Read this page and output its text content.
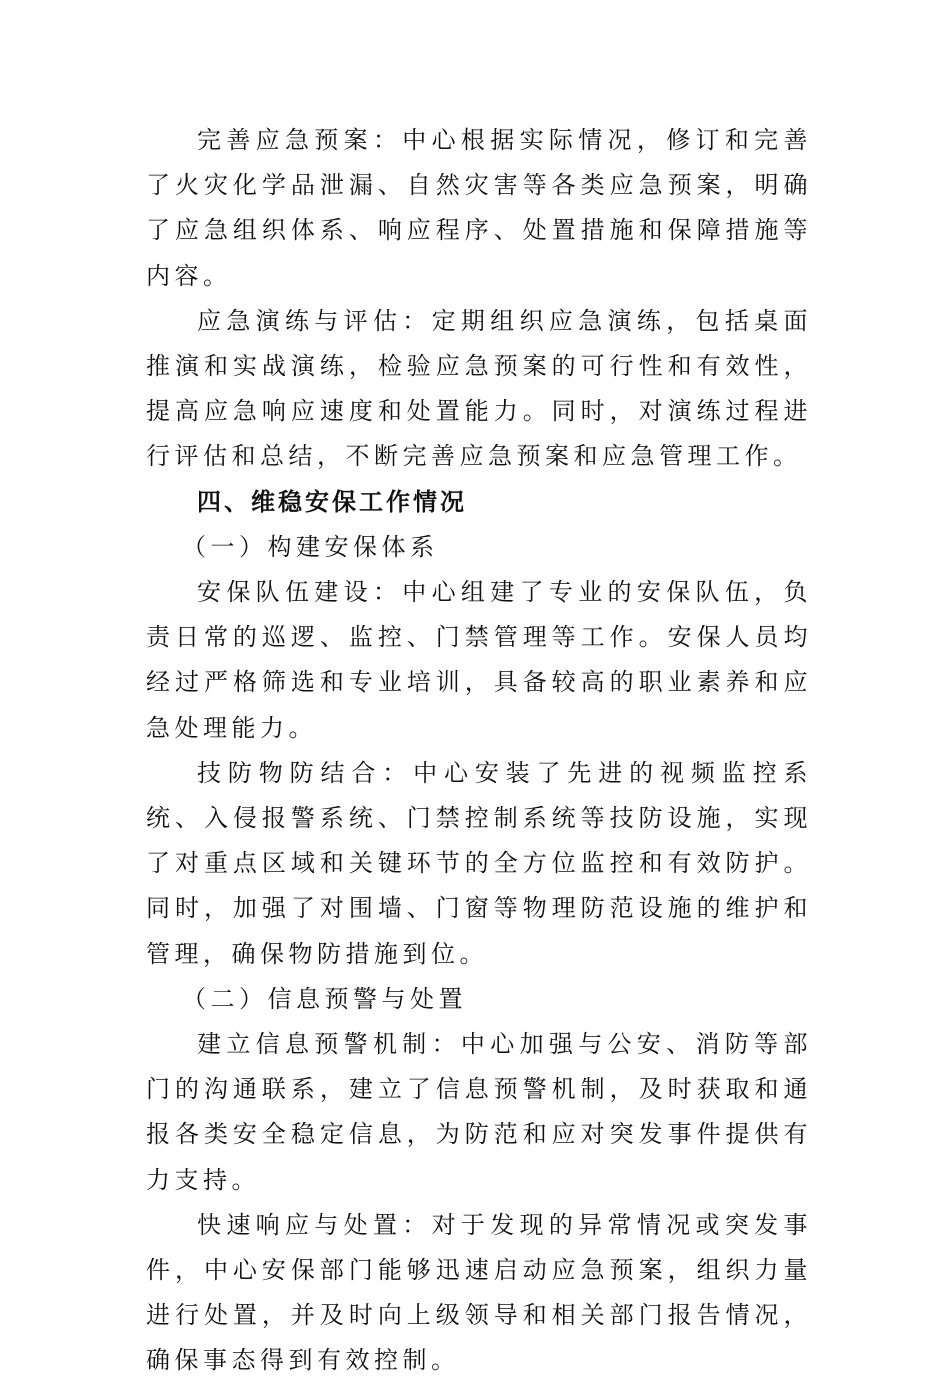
完善应急预案：中心根据实际情况，修订和完善了火灾化学品泄漏、自然灾害等各类应急预案，明确了应急组织体系、响应程序、处置措施和保障措施等内容。

应急演练与评估：定期组织应急演练，包括桌面推演和实战演练，检验应急预案的可行性和有效性，提高应急响应速度和处置能力。同时，对演练过程进行评估和总结，不断完善应急预案和应急管理工作。

四、维稳安保工作情况

（一）构建安保体系

安保队伍建设：中心组建了专业的安保队伍，负责日常的巡逻、监控、门禁管理等工作。安保人员均经过严格筛选和专业培训，具备较高的职业素养和应急处理能力。

技防物防结合：中心安装了先进的视频监控系统、入侵报警系统、门禁控制系统等技防设施，实现了对重点区域和关键环节的全方位监控和有效防护。同时，加强了对围墙、门窗等物理防范设施的维护和管理，确保物防措施到位。

（二）信息预警与处置

建立信息预警机制：中心加强与公安、消防等部门的沟通联系，建立了信息预警机制，及时获取和通报各类安全稳定信息，为防范和应对突发事件提供有力支持。

快速响应与处置：对于发现的异常情况或突发事件，中心安保部门能够迅速启动应急预案，组织力量进行处置，并及时向上级领导和相关部门报告情况，确保事态得到有效控制。
